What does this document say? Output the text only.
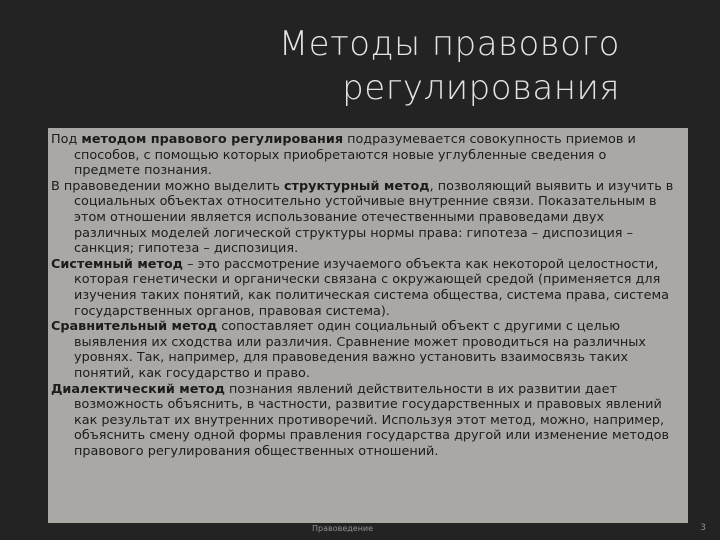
Методы правового
регулирования

Под методом правового регулирования подразумевается совокупность приемов и способов, с помощью которых приобретаются новые углубленные сведения о предмете познания.

В правоведении можно выделить структурный метод, позволяющий выявить и изучить в социальных объектах относительно устойчивые внутренние связи. Показательным в этом отношении является использование отечественными правоведами двух различных моделей логической структуры нормы права: гипотеза – диспозиция – санкция; гипотеза – диспозиция.

Системный метод – это рассмотрение изучаемого объекта как некоторой целостности, которая генетически и органически связана с окружающей средой (применяется для изучения таких понятий, как политическая система общества, система права, система государственных органов, правовая система).

Сравнительный метод сопоставляет один социальный объект с другими с целью выявления их сходства или различия. Сравнение может проводиться на различных уровнях. Так, например, для правоведения важно установить взаимосвязь таких понятий, как государство и право.

Диалектический метод познания явлений действительности в их развитии дает возможность объяснить, в частности, развитие государственных и правовых явлений как результат их внутренних противоречий. Используя этот метод, можно, например, объяснить смену одной формы правления государства другой или изменение методов правового регулирования общественных отношений.

Правоведение	3
